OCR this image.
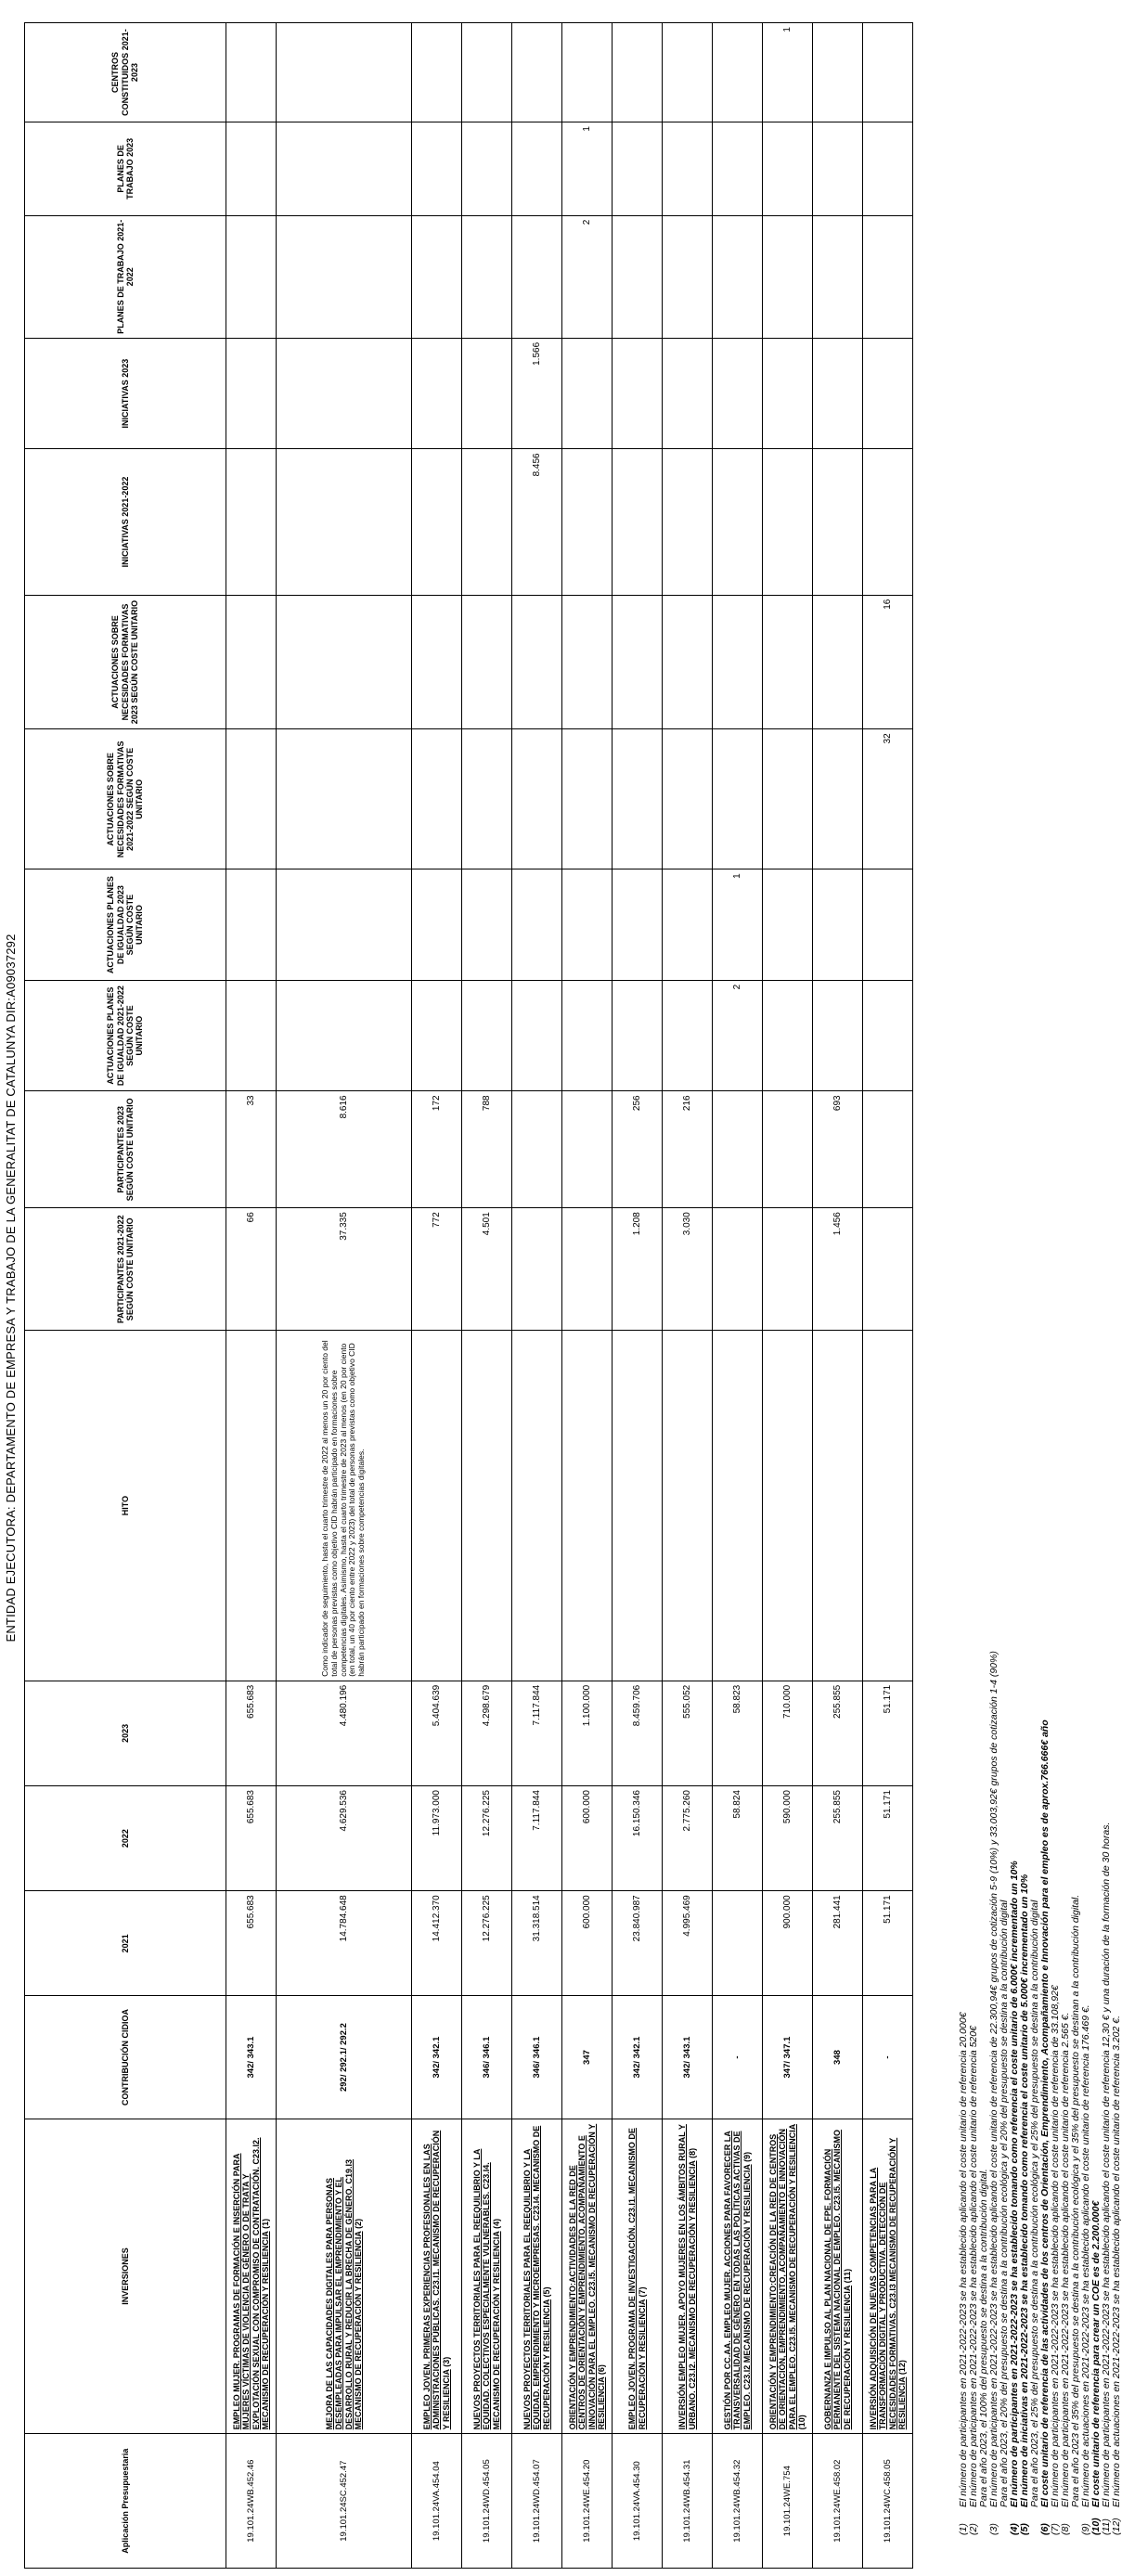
ENTIDAD EJECUTORA: DEPARTAMENTO DE EMPRESA Y TRABAJO DE LA GENERALITAT DE CATALUNYA DIR:A09037292
Aplicación Presupuestaria	INVERSIONES	CONTRIBUCIÓN CIDIOA	2021	2022	2023	HITO	PARTICIPANTES 2021-2022 SEGÚN COSTE UNITARIO	PARTICIPANTES 2023 SEGÚN COSTE UNITARIO	ACTUACIONES PLANES DE IGUALDAD 2021-2022 SEGÚN COSTE UNITARIO	ACTUACIONES PLANES DE IGUALDAD 2023 SEGÚN COSTE UNITARIO	ACTUACIONES SOBRE NECESIDADES FORMATIVAS 2021-2022 SEGÚN COSTE UNITARIO	ACTUACIONES SOBRE NECESIDADES FORMATIVAS 2023 SEGÚN COSTE UNITARIO	INICIATIVAS 2021-2022	INICIATIVAS 2023	PLANES DE TRABAJO 2021-2022	PLANES DE TRABAJO 2023	CENTROS CONSTITUIDOS 2021-2023
19.101.24WB.452.46	EMPLEO MUJER. PROGRAMAS DE FORMACIÓN E INSERCIÓN PARA MUJERES VÍCTIMAS DE VIOLENCIA DE GÉNERO O DE TRATA Y EXPLOTACIÓN SEXUAL CON COMPROMISO DE CONTRATACIÓN. C23.I2. MECANISMO DE RECUPERACIÓN Y RESILIENCIA (1)	342/ 343.1	655.683	655.683	655.683		66	33									
19.101.24SC.452.47	MEJORA DE LAS CAPACIDADES DIGITALES PARA PERSONAS DESEMPLEADAS PARA IMPULSAR EL EMPRENDIMIENTO Y EL DESARROLLO RURAL Y REDUCIR LA BRECHA DE GÉNERO. C19.I3 MECANISMO DE RECUPERACIÓN Y RESILIENCIA (2)	292/ 292.1/ 292.2	14.784.648	4.629.536	4.480.196	Como indicador de seguimiento, hasta el cuarto trimestre de 2022 al menos un 20 por ciento del total de personas previstas como objetivo CID habrán participado en formaciones sobre competencias digitales. Asimismo, hasta el cuarto trimestre de 2023 al menos (en 20 por ciento (en total, un 40 por ciento entre 2022 y 2023) del total de personas previstas como objetivo CID habrán participado en formaciones sobre competencias digitales.	37.335	8.616									
19.101.24VA.454.04	EMPLEO JOVEN. PRIMERAS EXPERIENCIAS PROFESIONALES EN LAS ADMINISTRACIONES PÚBLICAS. C23.I1. MECANISMO DE RECUPERACIÓN Y RESILIENCIA (3)	342/ 342.1	14.412.370	11.973.000	5.404.639		772	172									
19.101.24WD.454.05	NUEVOS PROYECTOS TERRITORIALES PARA EL REEQUILIBRIO Y LA EQUIDAD. COLECTIVOS ESPECIALMENTE VULNERABLES. C23.I4. MECANISMO DE RECUPERACIÓN Y RESILIENCIA (4)	346/ 346.1	12.276.225	12.276.225	4.298.679		4.501	788									
19.101.24WD.454.07	NUEVOS PROYECTOS TERRITORIALES PARA EL REEQUILIBRIO Y LA EQUIDAD. EMPRENDIMIENTO Y MICROEMPRESAS. C23.I4. MECANISMO DE RECUPERACIÓN Y RESILIENCIA (5)	346/ 346.1	31.318.514	7.117.844	7.117.844								8.456	1.566			
19.101.24WE.454.20	ORIENTACIÓN Y EMPRENDIMIENTO:ACTIVIDADES DE LA RED DE CENTROS DE ORIENTACIÓN Y EMPRENDIMIENTO, ACOMPAÑAMIENTO E INNOVACIÓN PARA EL EMPLEO. C23.I5. MECANISMO DE RECUPERACIÓN Y RESILIENCIA (6)	347	600.000	600.000	1.100.000										2	1	
19.101.24VA.454.30	EMPLEO JOVEN. PROGRAMA DE INVESTIGACIÓN. C23.I1. MECANISMO DE RECUPERACIÓN Y RESILIENCIA (7)	342/ 342.1	23.840.987	16.150.346	8.459.706		1.208	256									
19.101.24WB.454.31	INVERSIÓN EMPLEO MUJER. APOYO MUJERES EN LOS ÁMBITOS RURAL Y URBANO. C23.I2. MECANISMO DE RECUPERACIÓN Y RESILIENCIA (8)	342/ 343.1	4.995.469	2.775.260	555.052		3.030	216									
19.101.24WB.454.32	GESTIÓN POR CC.AA. EMPLEO MUJER. ACCIONES PARA FAVORECER LA TRANSVERSALIDAD DE GÉNERO EN TODAS LAS POLÍTICAS ACTIVAS DE EMPLEO. C23.I2 MECANISMO DE RECUPERACIÓN Y RESILIENCIA (9)	-		58.824	58.823				2	1							
19.101.24WE.754	ORIENTACIÓN Y EMPRENDIMIENTO:CREACIÓN DE LA RED DE CENTROS DE ORIENTACIÓN, EMPRENDIMIENTO, ACOMPAÑAMIENTO E INNOVACIÓN PARA EL EMPLEO. C23.I5. MECANISMO DE RECUPERACIÓN Y RESILIENCIA (10)	347/ 347.1	900.000	590.000	710.000												1
19.101.24WE.458.02	GOBERNANZA E IMPULSO AL PLAN NACIONAL DE FPE. FORMACIÓN PERMANENTE DEL SISTEMA NACIONAL DE EMPLEO. C23.I5. MECANISMO DE RECUPERACIÓN Y RESILIENCIA (11)	348	281.441	255.855	255.855		1.456	693									
19.101.24WC.458.05	INVERSIÓN ADQUISICIÓN DE NUEVAS COMPETENCIAS PARA LA TRANSFORMACIÓN DIGITAL Y PRODUCTIVA. DETECCIÓN DE NECESIDADES FORMATIVAS. C23.I3 MECANISMO DE RECUPERACIÓN Y RESILIENCIA (12)	-	51.171	51.171	51.171						32	16					
(1)El número de participantes en 2021-2022-2023 se ha establecido aplicando el coste unitario de referencia 20.000€
(2)El número de participantes en 2021-2022-2023 se ha establecido aplicando el coste unitario de referencia 520€ Para el año 2023, el 100% del presupuesto se destina a la contribución digital.
(3)El número de participantes en 2021-2022-2023 se ha establecido aplicando el coste unitario de referencia de 22.300,94€ grupos de cotización 5-9 (10%) y 33.003,92€ grupos de cotización 1-4 (90%) Para el año 2023, el 20% del presupuesto se destina a la contribución ecológica y el 20% del presupuesto se destina a la contribución digital
(4)El número de participantes en 2021-2022-2023 se ha establecido tomando como referencia el coste unitario de 6.000€ incrementado un 10%
(5)El número de iniciativas en 2021-2022-2023 se ha establecido tomando como referencia el coste unitario de 5.000€ incrementado un 10% Para el año 2023, el 25% del presupuesto se destina a la contribución ecológica y el 25% del presupuesto se destina a la contribución digital
(6)El coste unitario de referencia de las actividades de los centros de Orientación, Emprendimiento, Acompañamiento e Innovación para el empleo es de aprox.766.666€ año
(7)El número de participantes en 2021-2022-2023 se ha establecido aplicando el coste unitario de referencia de 33.108,92€
(8)El número de participantes en 2021-2022-2023 se ha establecido aplicando el coste unitario de referencia 2.565 €. Para el año 2023 el 35% del presupuesto se destina a la contribución ecológica y el 35% del presupuesto se destinan a la contribución digital.
(9)El número de actuaciones en 2021-2022-2023 se ha establecido aplicando el coste unitario de referencia 176.469 €.
(10)El coste unitario de referencia para crear un COE es de 2.200.000€
(11)El número de participantes en 2021-2022-2023 se ha establecido aplicando el coste unitario de referencia 12,30 € y una duración de la formación de 30 horas.
(12)El número de actuaciones en 2021-2022-2023 se ha establecido aplicando el coste unitario de referencia 3.202 €.
